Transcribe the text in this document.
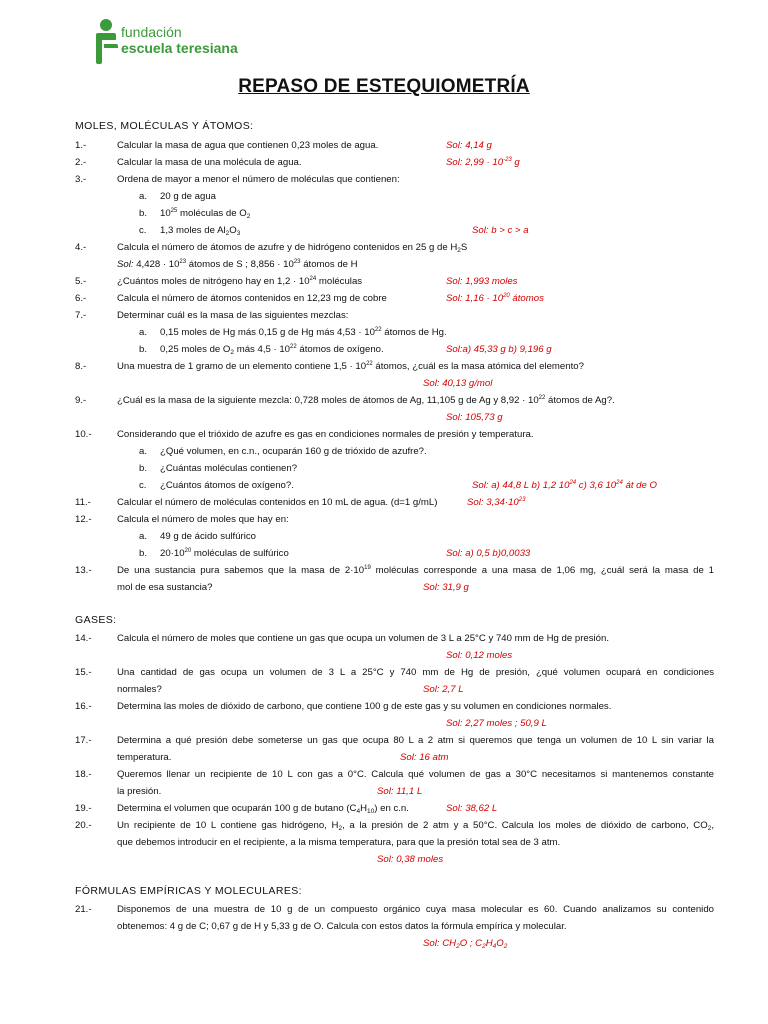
fundación
escuela teresiana
REPASO DE ESTEQUIOMETRÍA
MOLES, MOLÉCULAS Y ÁTOMOS:
1.-	Calcular la masa de agua que contienen 0,23 moles de agua.	Sol: 4,14 g
2.-	Calcular la masa de una molécula de agua.	Sol: $2,99 \cdot 10^{-23}$ g
3.-	Ordena de mayor a menor el número de moléculas que contienen:
a. 20 g de agua
b. $10^{25}$ moléculas de $O_2$
c. 1,3 moles de $Al_2O_3$	Sol: b > c > a
4.-	Calcula el número de átomos de azufre y de hidrógeno contenidos en 25 g de $H_2S$
Sol: $4,428 \cdot 10^{23}$ átomos de S ; $8,856 \cdot 10^{23}$ átomos de H
5.-	¿Cuántos moles de nitrógeno hay en $1,2 \cdot 10^{24}$ moléculas	Sol: 1,993 moles
6.-	Calcula el número de átomos contenidos en 12,23 mg de cobre	Sol: $1,16 \cdot 10^{20}$ átomos
7.-	Determinar cuál es la masa de las siguientes mezclas:
a. 0,15 moles de Hg más 0,15 g de Hg más $4,53 \cdot 10^{22}$ átomos de Hg.
b. 0,25 moles de $O_2$ más $4,5 \cdot 10^{22}$ átomos de oxígeno.	Sol:a) 45,33 g b) 9,196 g
8.-	Una muestra de 1 gramo de un elemento contiene $1,5 \cdot 10^{22}$ átomos, ¿cuál es la masa atómica del elemento?
Sol: 40,13 g/mol
9.-	¿Cuál es la masa de la siguiente mezcla: 0,728 moles de átomos de Ag, 11,105 g de Ag y $8,92 \cdot 10^{22}$ átomos de Ag?.
Sol: 105,73 g
10.-	Considerando que el trióxido de azufre es gas en condiciones normales de presión y temperatura.
a. ¿Qué volumen, en c.n., ocuparán 160 g de trióxido de azufre?.
b. ¿Cuántas moléculas contienen?
c. ¿Cuántos átomos de oxígeno?.	Sol: a) 44,8 L b) 1,2 $10^{24}$ c) 3,6 $10^{24}$ át de O
11.-	Calcular el número de moléculas contenidos en 10 mL de agua. (d=1 g/mL)	Sol: $3,34\cdot 10^{23}$
12.-	Calcula el número de moles que hay en:
a. 49 g de ácido sulfúrico
b. $20\cdot 10^{20}$ moléculas de sulfúrico	Sol: a) 0,5 b)0,0033
13.-	De una sustancia pura sabemos que la masa de $2\cdot 10^{19}$ moléculas corresponde a una masa de 1,06 mg, ¿cuál será la masa de 1
mol de esa sustancia?	Sol: 31,9 g
GASES:
14.-	Calcula el número de moles que contiene un gas que ocupa un volumen de 3 L a 25°C y 740 mm de Hg de presión.
Sol: 0,12 moles
15.-	Una cantidad de gas ocupa un volumen de 3 L a 25°C y 740 mm de Hg de presión, ¿qué volumen ocupará en condiciones
normales?	Sol: 2,7 L
16.-	Determina las moles de dióxido de carbono, que contiene 100 g de este gas y su volumen en condiciones normales.
Sol: 2,27 moles ; 50,9 L
17.-	Determina a qué presión debe someterse un gas que ocupa 80 L a 2 atm si queremos que tenga un volumen de 10 L sin variar la
temperatura.	Sol: 16 atm
18.-	Queremos llenar un recipiente de 10 L con gas a 0°C. Calcula qué volumen de gas a 30°C necesitamos si mantenemos constante
la presión.	Sol: 11,1 L
19.-	Determina el volumen que ocuparán 100 g de butano $(C_4H_{10})$ en c.n.	Sol: 38,62 L
20.-	Un recipiente de 10 L contiene gas hidrógeno, $H_2$, a la presión de 2 atm y a 50°C. Calcula los moles de dióxido de carbono, $CO_2$,
que debemos introducir en el recipiente, a la misma temperatura, para que la presión total sea de 3 atm.
Sol: 0,38 moles
FÓRMULAS EMPÍRICAS Y MOLECULARES:
21.-	Disponemos de una muestra de 10 g de un compuesto orgánico cuya masa molecular es 60. Cuando analizamos su contenido
obtenemos: 4 g de C; 0,67 g de H y 5,33 g de O. Calcula con estos datos la fórmula empírica y molecular.
Sol: $CH_2O$ ; $C_2H_4O_2$
